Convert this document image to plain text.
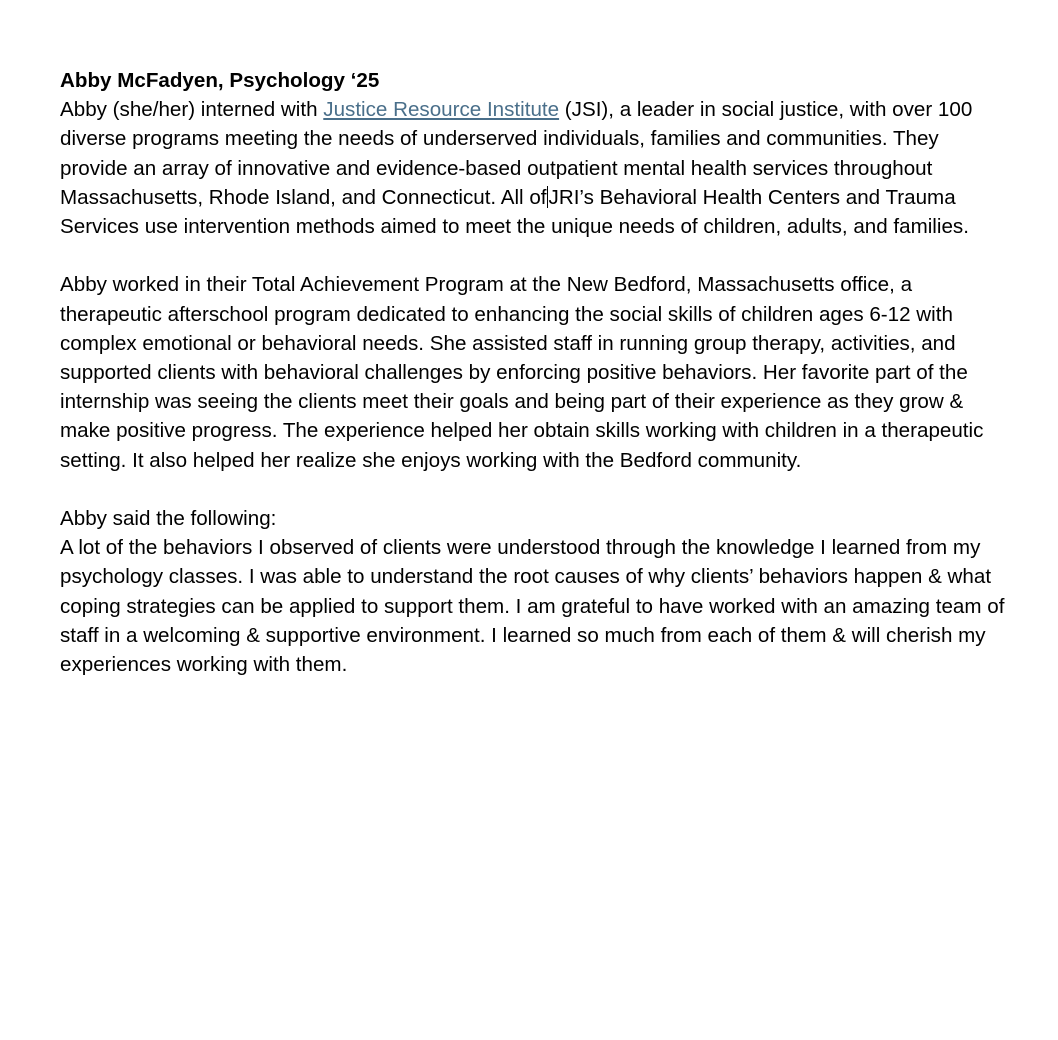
Abby McFadyen, Psychology ‘25
Abby (she/her) interned with Justice Resource Institute (JSI), a leader in social justice, with over 100 diverse programs meeting the needs of underserved individuals, families and communities. They provide an array of innovative and evidence-based outpatient mental health services throughout Massachusetts, Rhode Island, and Connecticut. All ofJRI’s Behavioral Health Centers and Trauma Services use intervention methods aimed to meet the unique needs of children, adults, and families.

Abby worked in their Total Achievement Program at the New Bedford, Massachusetts office, a therapeutic afterschool program dedicated to enhancing the social skills of children ages 6-12 with complex emotional or behavioral needs. She assisted staff in running group therapy, activities, and supported clients with behavioral challenges by enforcing positive behaviors. Her favorite part of the internship was seeing the clients meet their goals and being part of their experience as they grow & make positive progress. The experience helped her obtain skills working with children in a therapeutic setting. It also helped her realize she enjoys working with the Bedford community.

Abby said the following:
A lot of the behaviors I observed of clients were understood through the knowledge I learned from my psychology classes. I was able to understand the root causes of why clients’ behaviors happen & what coping strategies can be applied to support them. I am grateful to have worked with an amazing team of staff in a welcoming & supportive environment. I learned so much from each of them & will cherish my experiences working with them.
